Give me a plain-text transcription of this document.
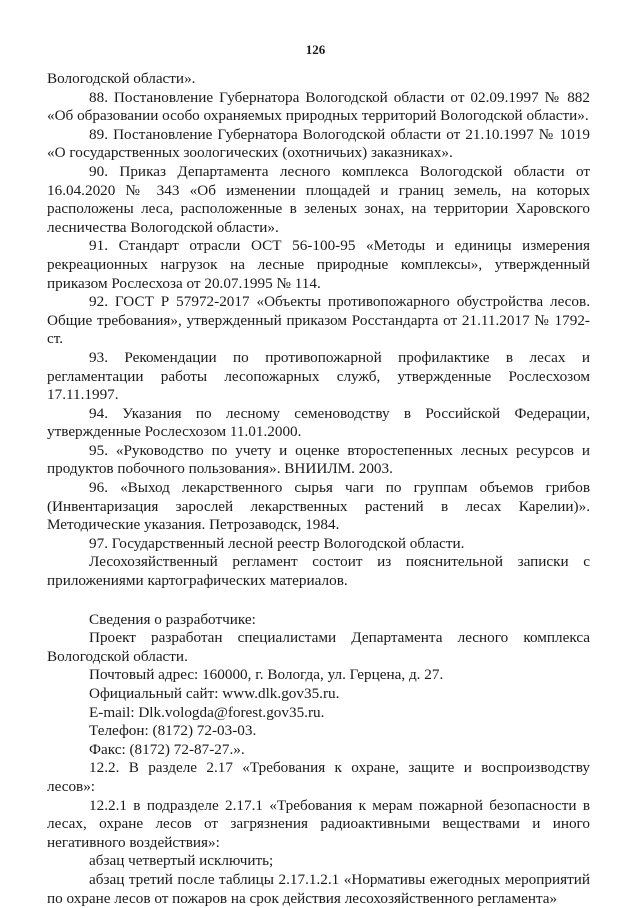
126

Вологодской области».

88. Постановление Губернатора Вологодской области от 02.09.1997 № 882 «Об образовании особо охраняемых природных территорий Вологодской области».

89. Постановление Губернатора Вологодской области от 21.10.1997 № 1019 «О государственных зоологических (охотничьих) заказниках».

90. Приказ Департамента лесного комплекса Вологодской области от 16.04.2020 № 343 «Об изменении площадей и границ земель, на которых расположены леса, расположенные в зеленых зонах, на территории Харовского лесничества Вологодской области».

91. Стандарт отрасли ОСТ 56-100-95 «Методы и единицы измерения рекреационных нагрузок на лесные природные комплексы», утвержденный приказом Рослесхоза от 20.07.1995 № 114.

92. ГОСТ Р 57972-2017 «Объекты противопожарного обустройства лесов. Общие требования», утвержденный приказом Росстандарта от 21.11.2017 № 1792-ст.

93. Рекомендации по противопожарной профилактике в лесах и регламентации работы лесопожарных служб, утвержденные Рослесхозом 17.11.1997.

94. Указания по лесному семеноводству в Российской Федерации, утвержденные Рослесхозом 11.01.2000.

95. «Руководство по учету и оценке второстепенных лесных ресурсов и продуктов побочного пользования». ВНИИЛМ. 2003.

96. «Выход лекарственного сырья чаги по группам объемов грибов (Инвентаризация зарослей лекарственных растений в лесах Карелии)». Методические указания. Петрозаводск, 1984.

97. Государственный лесной реестр Вологодской области.

Лесохозяйственный регламент состоит из пояснительной записки с приложениями картографических материалов.

Сведения о разработчике:

Проект разработан специалистами Департамента лесного комплекса Вологодской области.

Почтовый адрес: 160000, г. Вологда, ул. Герцена, д. 27.

Официальный сайт: www.dlk.gov35.ru.

E-mail: Dlk.vologda@forest.gov35.ru.

Телефон: (8172) 72-03-03.

Факс: (8172) 72-87-27.».

12.2. В разделе 2.17 «Требования к охране, защите и воспроизводству лесов»:

12.2.1 в подразделе 2.17.1 «Требования к мерам пожарной безопасности в лесах, охране лесов от загрязнения радиоактивными веществами и иного негативного воздействия»:

абзац четвертый исключить;

абзац третий после таблицы 2.17.1.2.1 «Нормативы ежегодных мероприятий по охране лесов от пожаров на срок действия лесохозяйственного регламента»
